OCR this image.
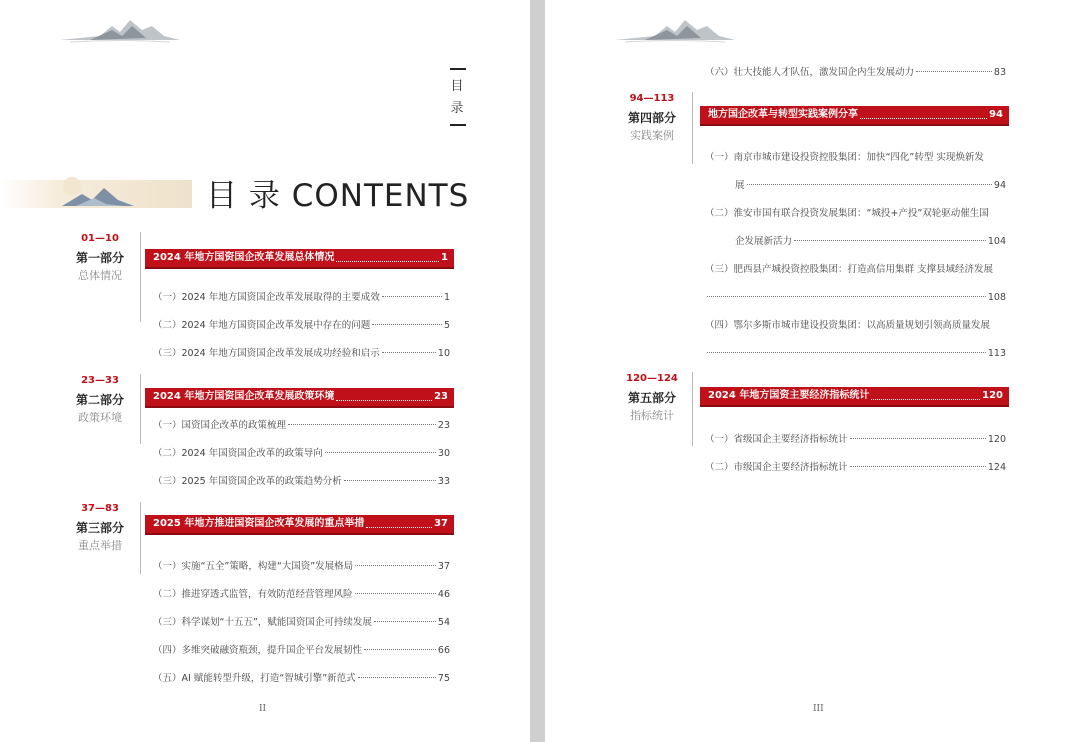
目
录
目 录 CONTENTS
01—10
第一部分
总体情况
2024 年地方国资国企改革发展总体情况	1
（一）2024 年地方国资国企改革发展取得的主要成效	1
（二）2024 年地方国资国企改革发展中存在的问题	5
（三）2024 年地方国资国企改革发展成功经验和启示	10
23—33
第二部分
政策环境
2024 年地方国资国企改革发展政策环境	23
（一）国资国企改革的政策梳理	23
（二）2024 年国资国企改革的政策导向	30
（三）2025 年国资国企改革的政策趋势分析	33
37—83
第三部分
重点举措
2025 年地方推进国资国企改革发展的重点举措	37
（一）实施“五全”策略，构建“大国资”发展格局	37
（二）推进穿透式监管，有效防范经营管理风险	46
（三）科学谋划“十五五”，赋能国资国企可持续发展	54
（四）多维突破融资瓶颈，提升国企平台发展韧性	66
（五）AI 赋能转型升级，打造“智城引擎”新范式	75
II
（六）壮大技能人才队伍，激发国企内生发展动力	83
94—113
第四部分
实践案例
地方国企改革与转型实践案例分享	94
（一）南京市城市建设投资控股集团：加快“四化”转型 实现焕新发
展	94
（二）淮安市国有联合投资发展集团：“城投+产投”双轮驱动催生国
企发展新活力	104
（三）肥西县产城投资控股集团：打造高信用集群 支撑县域经济发展
108
（四）鄂尔多斯市城市建设投资集团：以高质量规划引领高质量发展
113
120—124
第五部分
指标统计
2024 年地方国资主要经济指标统计	120
（一）省级国企主要经济指标统计	120
（二）市级国企主要经济指标统计	124
III
